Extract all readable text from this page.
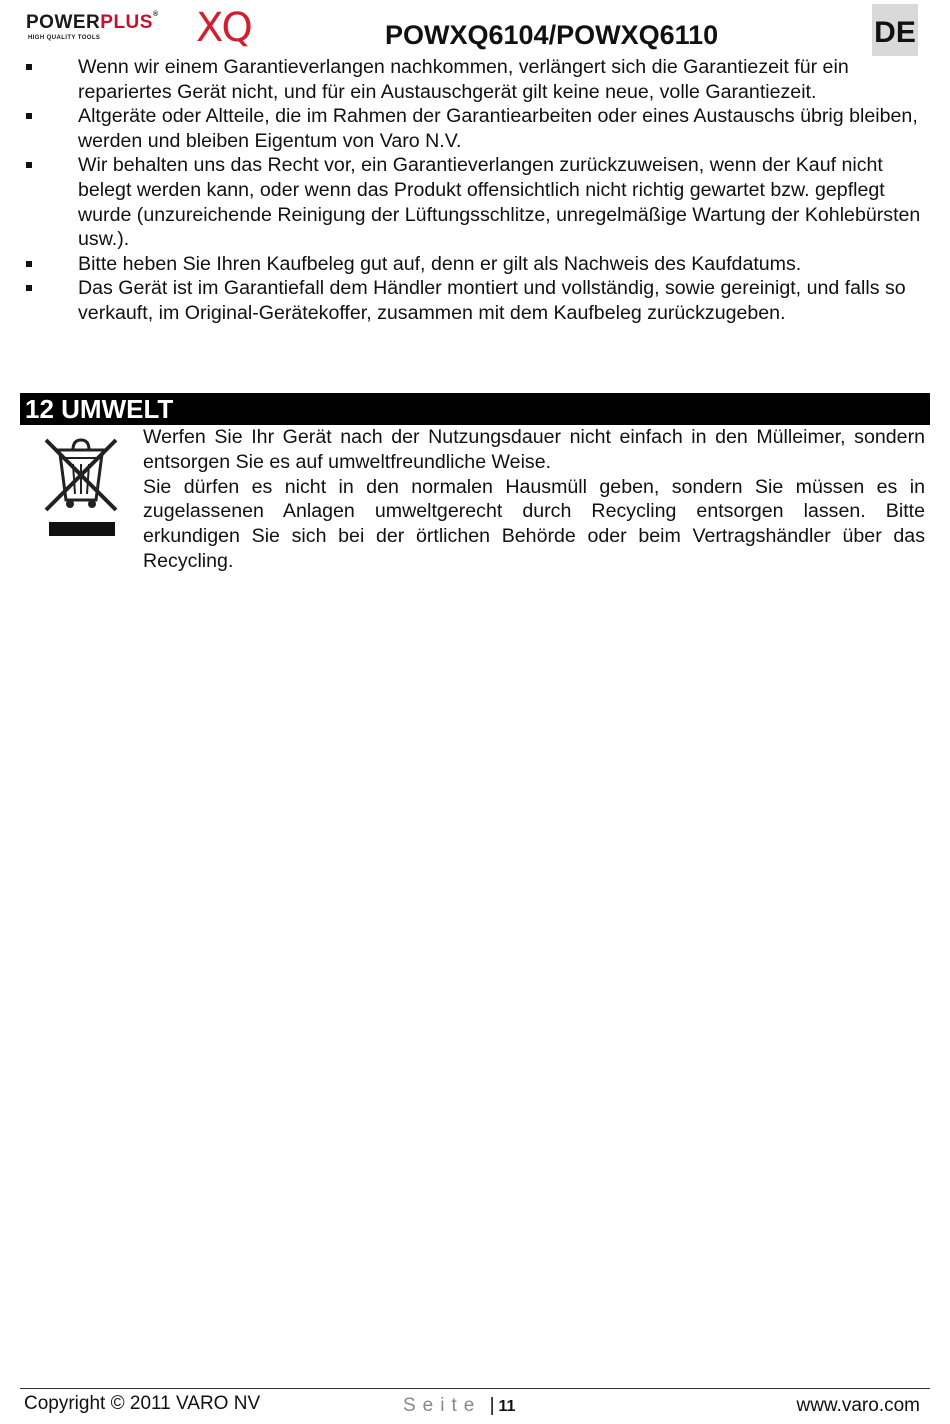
POWERPLUS®
HIGH QUALITY TOOLS XQ	POWXQ6104/POWXQ6110	DE
Wenn wir einem Garantieverlangen nachkommen, verlängert sich die Garantiezeit für ein repariertes Gerät nicht, und für ein Austauschgerät gilt keine neue, volle Garantiezeit.
Altgeräte oder Altteile, die im Rahmen der Garantiearbeiten oder eines Austauschs übrig bleiben, werden und bleiben Eigentum von Varo N.V.
Wir behalten uns das Recht vor, ein Garantieverlangen zurückzuweisen, wenn der Kauf nicht belegt werden kann, oder wenn das Produkt offensichtlich nicht richtig gewartet bzw. gepflegt wurde (unzureichende Reinigung der Lüftungsschlitze, unregelmäßige Wartung der Kohlebürsten usw.).
Bitte heben Sie Ihren Kaufbeleg gut auf, denn er gilt als Nachweis des Kaufdatums.
Das Gerät ist im Garantiefall dem Händler montiert und vollständig, sowie gereinigt, und falls so verkauft, im Original-Gerätekoffer, zusammen mit dem Kaufbeleg zurückzugeben.
12 UMWELT

Werfen Sie Ihr Gerät nach der Nutzungsdauer nicht einfach in den Mülleimer, sondern entsorgen Sie es auf umweltfreundliche Weise.

Sie dürfen es nicht in den normalen Hausmüll geben, sondern Sie müssen es in zugelassenen Anlagen umweltgerecht durch Recycling entsorgen lassen. Bitte erkundigen Sie sich bei der örtlichen Behörde oder beim Vertragshändler über das Recycling.

Copyright © 2011 VARO NV	Seite | 11	www.varo.com
